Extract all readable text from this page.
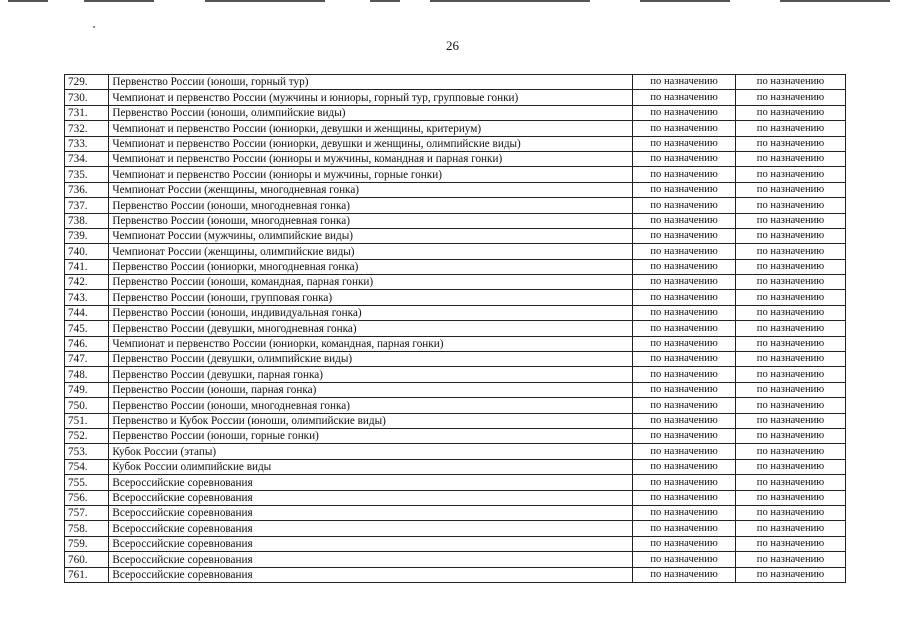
26
729.	Первенство России (юноши, горный тур)	по назначению	по назначению
730.	Чемпионат и первенство России (мужчины и юниоры, горный тур, групповые гонки)	по назначению	по назначению
731.	Первенство России (юноши, олимпийские виды)	по назначению	по назначению
732.	Чемпионат и первенство России (юниорки, девушки и женщины, критериум)	по назначению	по назначению
733.	Чемпионат и первенство России (юниорки, девушки и женщины, олимпийские виды)	по назначению	по назначению
734.	Чемпионат и первенство России (юниоры и мужчины, командная и парная гонки)	по назначению	по назначению
735.	Чемпионат и первенство России (юниоры и мужчины, горные гонки)	по назначению	по назначению
736.	Чемпионат России (женщины, многодневная гонка)	по назначению	по назначению
737.	Первенство России (юноши, многодневная гонка)	по назначению	по назначению
738.	Первенство России (юноши, многодневная гонка)	по назначению	по назначению
739.	Чемпионат России (мужчины, олимпийские виды)	по назначению	по назначению
740.	Чемпионат России (женщины, олимпийские виды)	по назначению	по назначению
741.	Первенство России (юниорки, многодневная гонка)	по назначению	по назначению
742.	Первенство России (юноши, командная, парная гонки)	по назначению	по назначению
743.	Первенство России (юноши, групповая гонка)	по назначению	по назначению
744.	Первенство России (юноши, индивидуальная гонка)	по назначению	по назначению
745.	Первенство России (девушки, многодневная гонка)	по назначению	по назначению
746.	Чемпионат и первенство России (юниорки, командная, парная гонки)	по назначению	по назначению
747.	Первенство России (девушки, олимпийские виды)	по назначению	по назначению
748.	Первенство России (девушки, парная гонка)	по назначению	по назначению
749.	Первенство России (юноши, парная гонка)	по назначению	по назначению
750.	Первенство России (юноши, многодневная гонка)	по назначению	по назначению
751.	Первенство и Кубок России (юноши, олимпийские виды)	по назначению	по назначению
752.	Первенство России (юноши, горные гонки)	по назначению	по назначению
753.	Кубок России (этапы)	по назначению	по назначению
754.	Кубок России олимпийские виды	по назначению	по назначению
755.	Всероссийские соревнования	по назначению	по назначению
756.	Всероссийские соревнования	по назначению	по назначению
757.	Всероссийские соревнования	по назначению	по назначению
758.	Всероссийские соревнования	по назначению	по назначению
759.	Всероссийские соревнования	по назначению	по назначению
760.	Всероссийские соревнования	по назначению	по назначению
761.	Всероссийские соревнования	по назначению	по назначению
